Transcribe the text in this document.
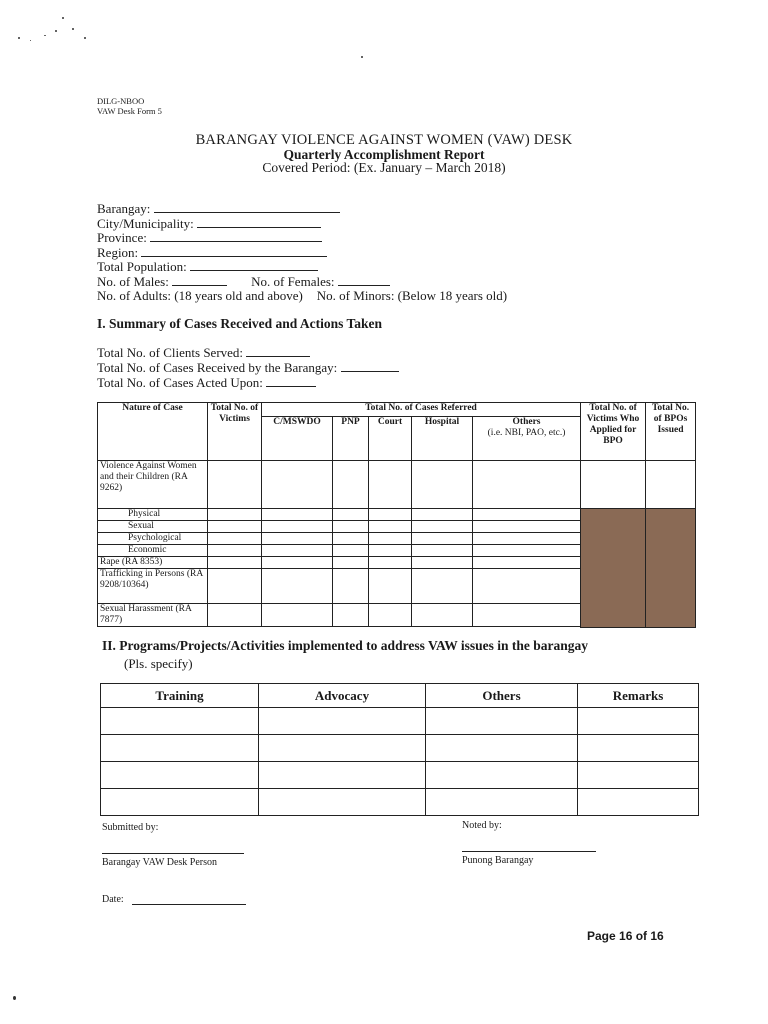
DILG-NBOO
VAW Desk Form 5
BARANGAY VIOLENCE AGAINST WOMEN (VAW) DESK
Quarterly Accomplishment Report
Covered Period: (Ex. January – March 2018)
Barangay:
City/Municipality:
Province:
Region:
Total Population:
No. of Males:	No. of Females:
No. of Adults: (18 years old and above) No. of Minors: (Below 18 years old)
I. Summary of Cases Received and Actions Taken
Total No. of Clients Served:
Total No. of Cases Received by the Barangay:
Total No. of Cases Acted Upon:
Nature of Case	Total No. of Victims	Total No. of Cases Referred					Total No. of Victims Who Applied for BPO	Total No. of BPOs Issued
		C/MSWDO	PNP	Court	Hospital	Others
(i.e. NBI, PAO, etc.)		
Violence Against Women and their Children (RA 9262)								
Physical								
Sexual								
Psychological								
Economic								
Rape (RA 8353)								
Trafficking in Persons (RA 9208/10364)								
Sexual Harassment (RA 7877)								

II. Programs/Projects/Activities implemented to address VAW issues in the barangay
(Pls. specify)
Training	Advocacy	Others	Remarks

Submitted by:	Noted by:
Barangay VAW Desk Person	Punong Barangay
Date:
Page 16 of 16
